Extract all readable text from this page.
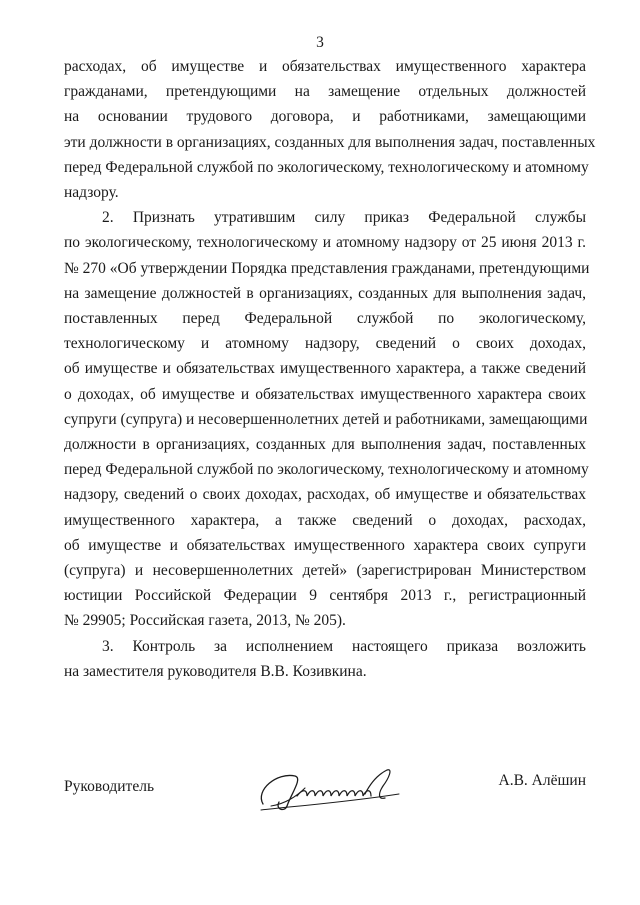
3
расходах, об имуществе и обязательствах имущественного характера
гражданами, претендующими на замещение отдельных должностей
на основании трудового договора, и работниками, замещающими
эти должности в организациях, созданных для выполнения задач, поставленных
перед Федеральной службой по экологическому, технологическому и атомному
надзору.
2. Признать утратившим силу приказ Федеральной службы
по экологическому, технологическому и атомному надзору от 25 июня 2013 г.
№ 270 «Об утверждении Порядка представления гражданами, претендующими
на замещение должностей в организациях, созданных для выполнения задач,
поставленных перед Федеральной службой по экологическому,
технологическому и атомному надзору, сведений о своих доходах,
об имуществе и обязательствах имущественного характера, а также сведений
о доходах, об имуществе и обязательствах имущественного характера своих
супруги (супруга) и несовершеннолетних детей и работниками, замещающими
должности в организациях, созданных для выполнения задач, поставленных
перед Федеральной службой по экологическому, технологическому и атомному
надзору, сведений о своих доходах, расходах, об имуществе и обязательствах
имущественного характера, а также сведений о доходах, расходах,
об имуществе и обязательствах имущественного характера своих супруги
(супруга) и несовершеннолетних детей» (зарегистрирован Министерством
юстиции Российской Федерации 9 сентября 2013 г., регистрационный
№ 29905; Российская газета, 2013, № 205).
3. Контроль за исполнением настоящего приказа возложить
на заместителя руководителя В.В. Козивкина.
Руководитель	А.В. Алёшин
